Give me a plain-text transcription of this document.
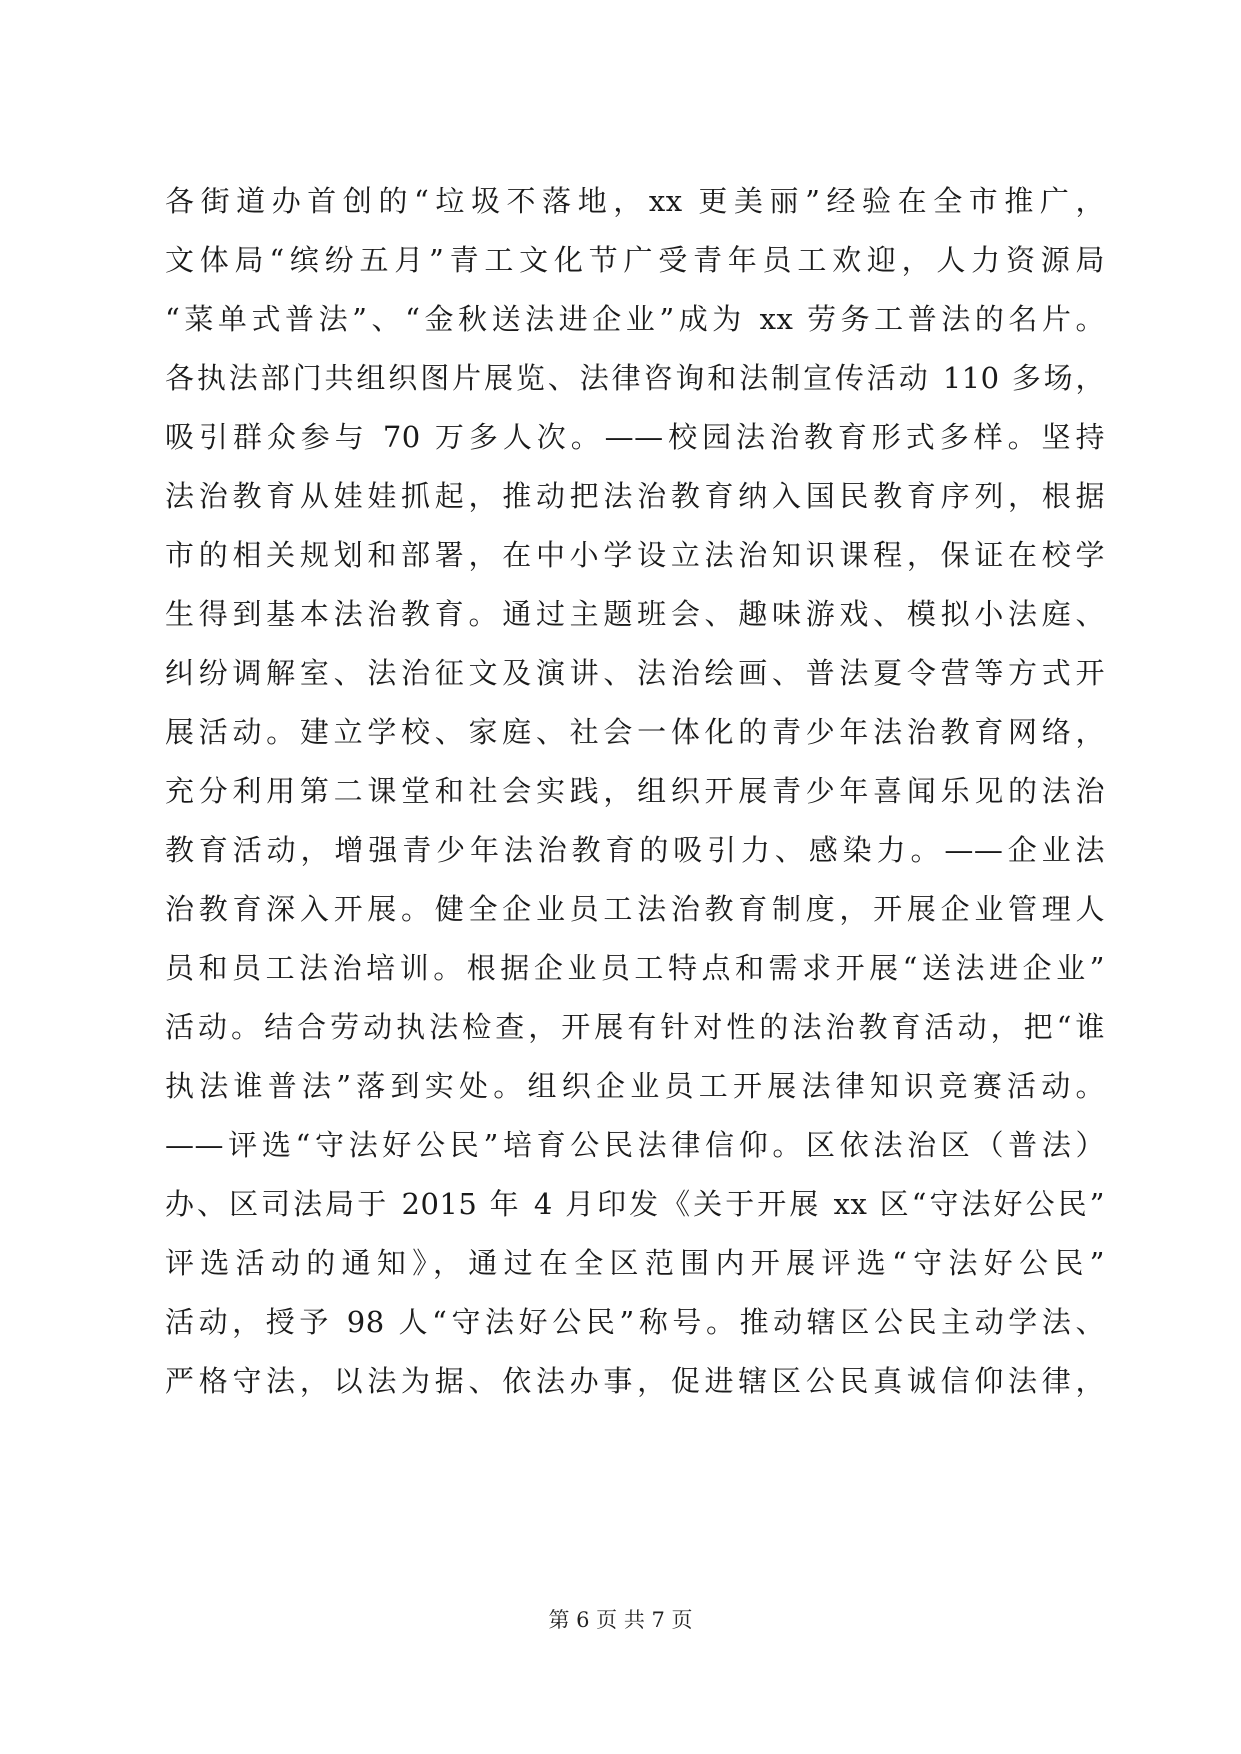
各街道办首创的“垃圾不落地，xx 更美丽”经验在全市推广，
文体局“缤纷五月”青工文化节广受青年员工欢迎，人力资源局
“菜单式普法”、“金秋送法进企业”成为 xx 劳务工普法的名片。
各执法部门共组织图片展览、法律咨询和法制宣传活动 110 多场，
吸引群众参与 70 万多人次。——校园法治教育形式多样。坚持
法治教育从娃娃抓起，推动把法治教育纳入国民教育序列，根据
市的相关规划和部署，在中小学设立法治知识课程，保证在校学
生得到基本法治教育。通过主题班会、趣味游戏、模拟小法庭、
纠纷调解室、法治征文及演讲、法治绘画、普法夏令营等方式开
展活动。建立学校、家庭、社会一体化的青少年法治教育网络，
充分利用第二课堂和社会实践，组织开展青少年喜闻乐见的法治
教育活动，增强青少年法治教育的吸引力、感染力。——企业法
治教育深入开展。健全企业员工法治教育制度，开展企业管理人
员和员工法治培训。根据企业员工特点和需求开展“送法进企业”
活动。结合劳动执法检查，开展有针对性的法治教育活动，把“谁
执法谁普法”落到实处。组织企业员工开展法律知识竞赛活动。
——评选“守法好公民”培育公民法律信仰。区依法治区（普法）
办、区司法局于 2015 年 4 月印发《关于开展 xx 区“守法好公民”
评选活动的通知》，通过在全区范围内开展评选“守法好公民”
活动，授予 98 人“守法好公民”称号。推动辖区公民主动学法、
严格守法，以法为据、依法办事，促进辖区公民真诚信仰法律，
第 6 页 共 7 页
